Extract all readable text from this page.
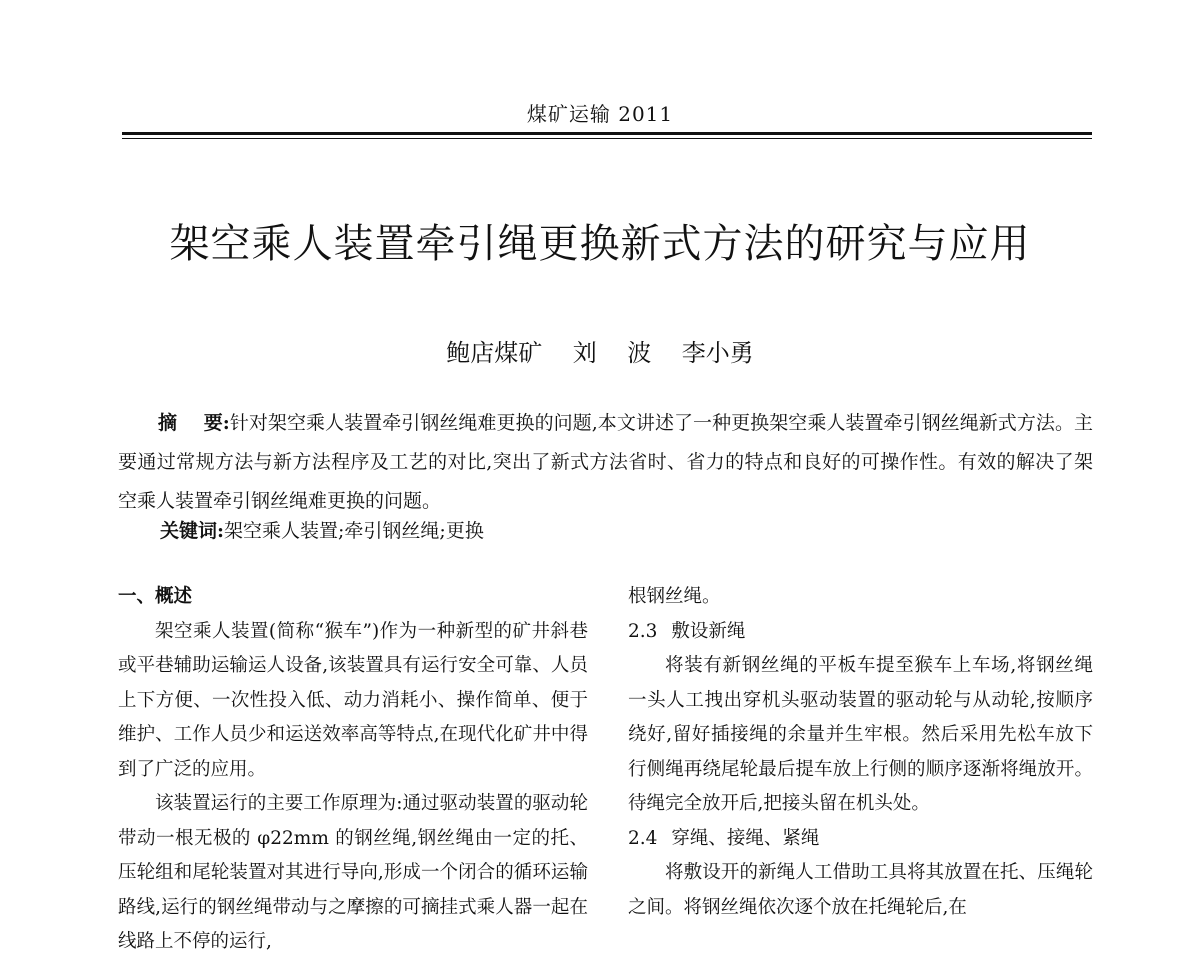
煤矿运输 2011
架空乘人装置牵引绳更换新式方法的研究与应用
鲍店煤矿    刘    波    李小勇
摘    要:针对架空乘人装置牵引钢丝绳难更换的问题,本文讲述了一种更换架空乘人装置牵引钢丝绳新式方法。主要通过常规方法与新方法程序及工艺的对比,突出了新式方法省时、省力的特点和良好的可操作性。有效的解决了架空乘人装置牵引钢丝绳难更换的问题。
关键词:架空乘人装置;牵引钢丝绳;更换
一、概述

架空乘人装置(简称“猴车”)作为一种新型的矿井斜巷或平巷辅助运输运人设备,该装置具有运行安全可靠、人员上下方便、一次性投入低、动力消耗小、操作简单、便于维护、工作人员少和运送效率高等特点,在现代化矿井中得到了广泛的应用。

该装置运行的主要工作原理为:通过驱动装置的驱动轮带动一根无极的 φ22mm 的钢丝绳,钢丝绳由一定的托、压轮组和尾轮装置对其进行导向,形成一个闭合的循环运输路线,运行的钢丝绳带动与之摩擦的可摘挂式乘人器一起在线路上不停的运行,

根钢丝绳。

2.3 敷设新绳

将装有新钢丝绳的平板车提至猴车上车场,将钢丝绳一头人工拽出穿机头驱动装置的驱动轮与从动轮,按顺序绕好,留好插接绳的余量并生牢根。然后采用先松车放下行侧绳再绕尾轮最后提车放上行侧的顺序逐渐将绳放开。待绳完全放开后,把接头留在机头处。

2.4 穿绳、接绳、紧绳

将敷设开的新绳人工借助工具将其放置在托、压绳轮之间。将钢丝绳依次逐个放在托绳轮后,在
